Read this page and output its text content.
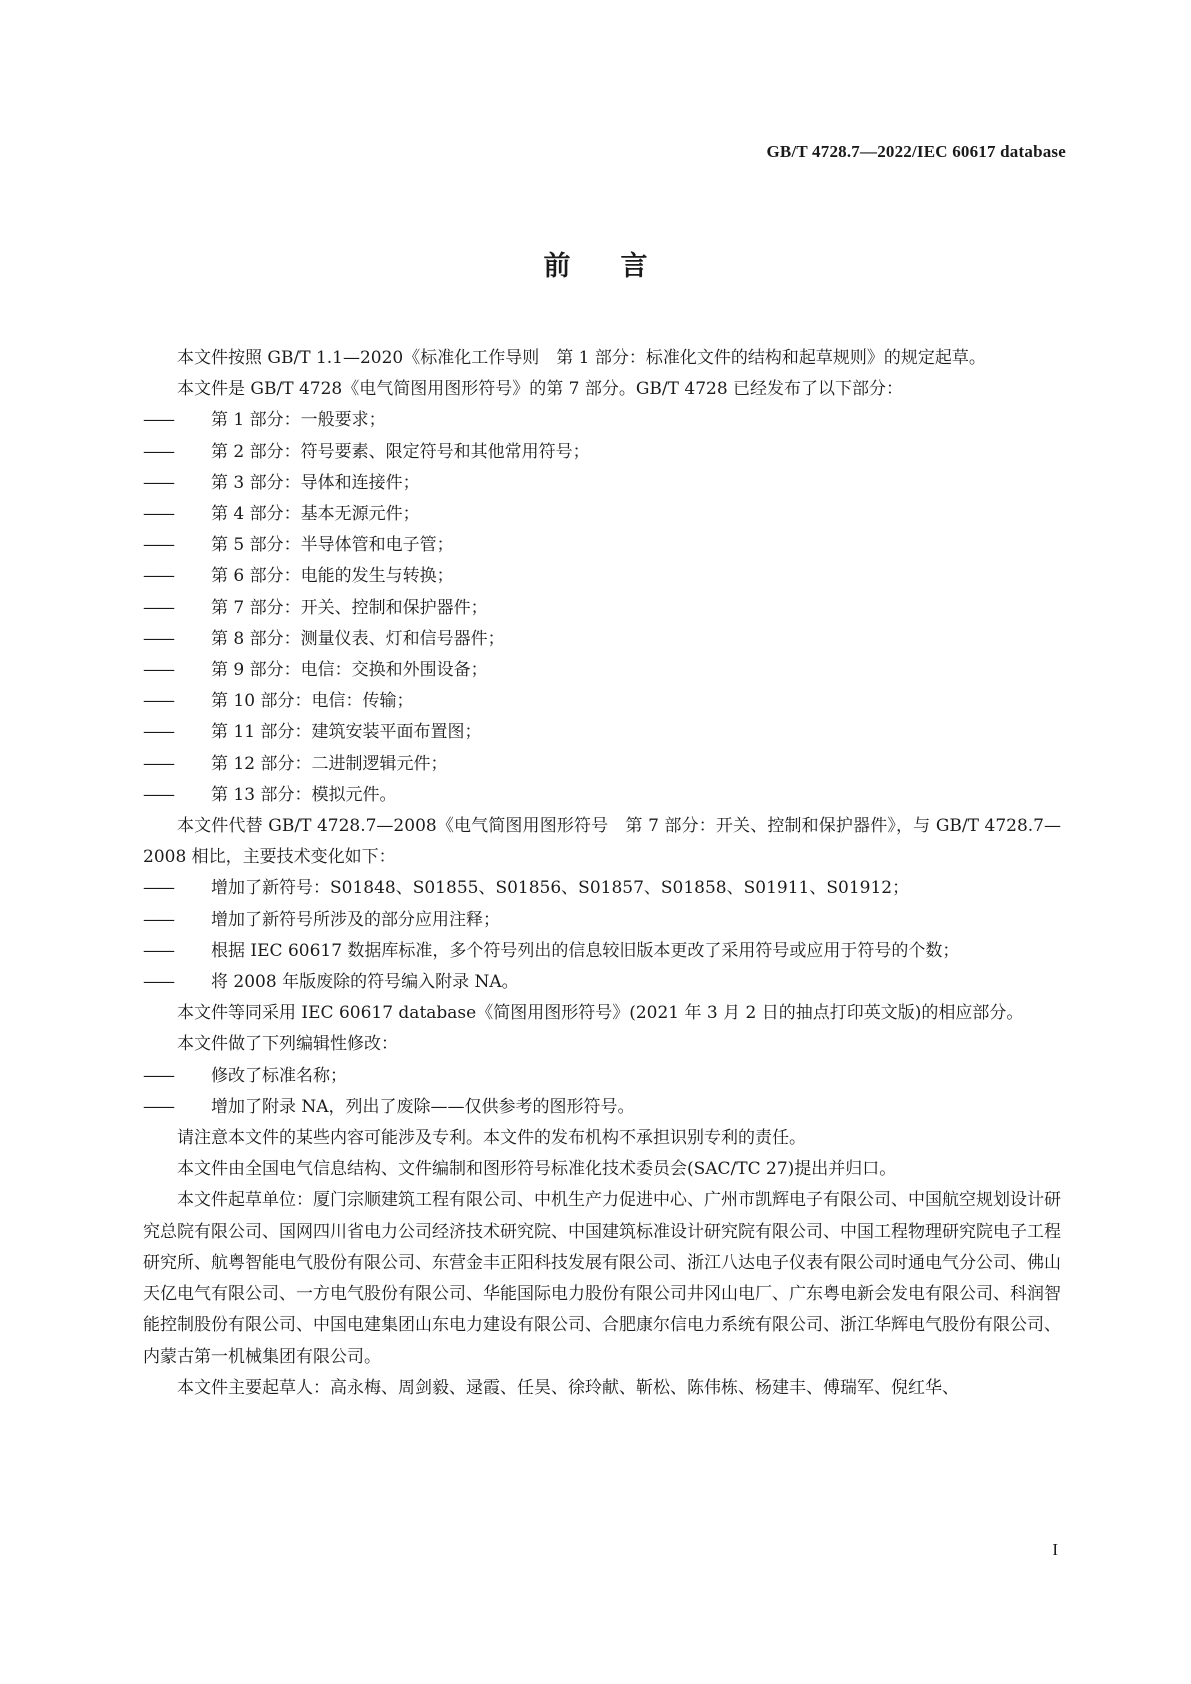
GB/T 4728.7—2022/IEC 60617 database
前言

本文件按照 GB/T 1.1—2020《标准化工作导则　第 1 部分：标准化文件的结构和起草规则》的规定起草。

本文件是 GB/T 4728《电气简图用图形符号》的第 7 部分。GB/T 4728 已经发布了以下部分：

—— 第 1 部分：一般要求；

—— 第 2 部分：符号要素、限定符号和其他常用符号；

—— 第 3 部分：导体和连接件；

—— 第 4 部分：基本无源元件；

—— 第 5 部分：半导体管和电子管；

—— 第 6 部分：电能的发生与转换；

—— 第 7 部分：开关、控制和保护器件；

—— 第 8 部分：测量仪表、灯和信号器件；

—— 第 9 部分：电信：交换和外围设备；

—— 第 10 部分：电信：传输；

—— 第 11 部分：建筑安装平面布置图；

—— 第 12 部分：二进制逻辑元件；

—— 第 13 部分：模拟元件。

本文件代替 GB/T 4728.7—2008《电气简图用图形符号　第 7 部分：开关、控制和保护器件》，与 GB/T 4728.7—2008 相比，主要技术变化如下：

—— 增加了新符号：S01848、S01855、S01856、S01857、S01858、S01911、S01912；

—— 增加了新符号所涉及的部分应用注释；

—— 根据 IEC 60617 数据库标准，多个符号列出的信息较旧版本更改了采用符号或应用于符号的个数；

—— 将 2008 年版废除的符号编入附录 NA。

本文件等同采用 IEC 60617 database《简图用图形符号》(2021 年 3 月 2 日的抽点打印英文版)的相应部分。

本文件做了下列编辑性修改：

—— 修改了标准名称；

—— 增加了附录 NA，列出了废除——仅供参考的图形符号。

请注意本文件的某些内容可能涉及专利。本文件的发布机构不承担识别专利的责任。

本文件由全国电气信息结构、文件编制和图形符号标准化技术委员会(SAC/TC 27)提出并归口。

本文件起草单位：厦门宗顺建筑工程有限公司、中机生产力促进中心、广州市凯辉电子有限公司、中国航空规划设计研究总院有限公司、国网四川省电力公司经济技术研究院、中国建筑标准设计研究院有限公司、中国工程物理研究院电子工程研究所、航粤智能电气股份有限公司、东营金丰正阳科技发展有限公司、浙江八达电子仪表有限公司时通电气分公司、佛山天亿电气有限公司、一方电气股份有限公司、华能国际电力股份有限公司井冈山电厂、广东粤电新会发电有限公司、科润智能控制股份有限公司、中国电建集团山东电力建设有限公司、合肥康尔信电力系统有限公司、浙江华辉电气股份有限公司、内蒙古第一机械集团有限公司。

本文件主要起草人：高永梅、周剑毅、逯霞、任昊、徐玲献、靳松、陈伟栋、杨建丰、傅瑞军、倪红华、

I
